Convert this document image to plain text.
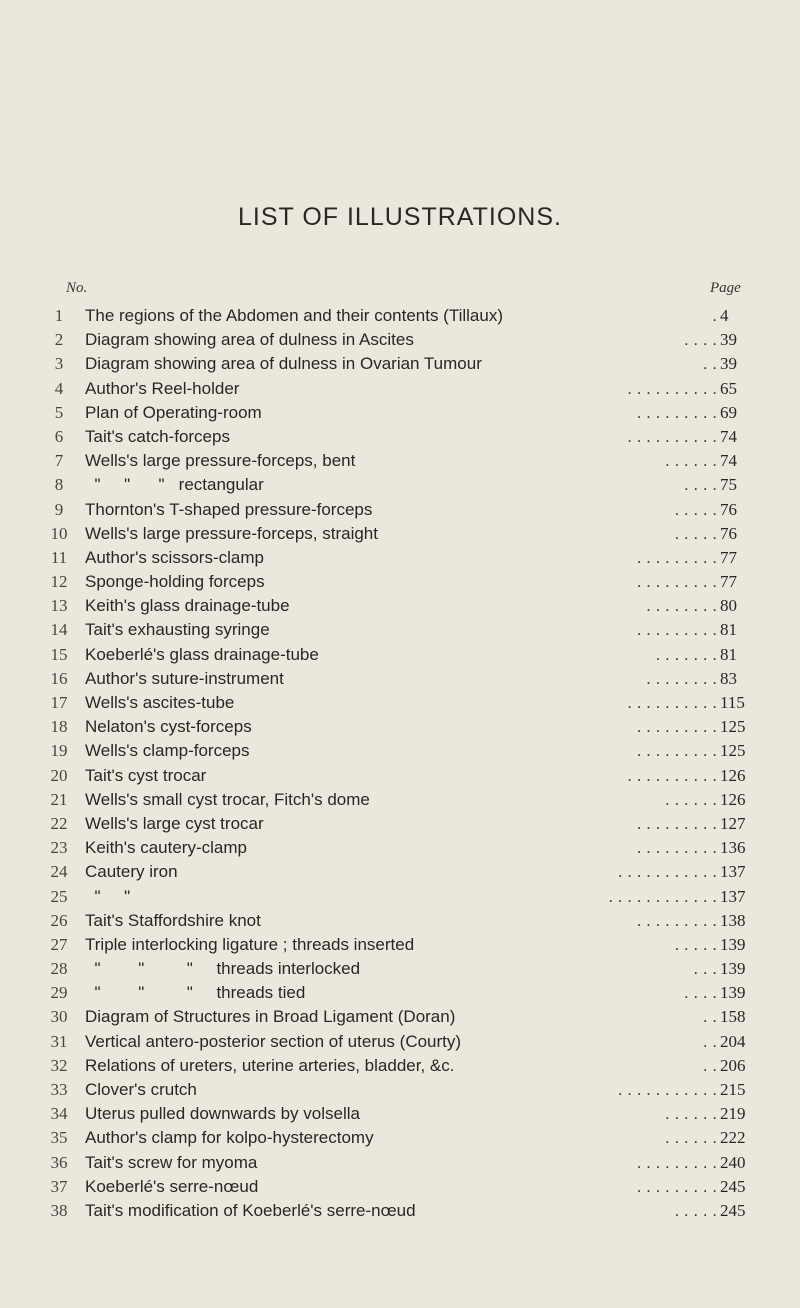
LIST OF ILLUSTRATIONS.
No.	Page
1	The regions of the Abdomen and their contents (Tillaux)	. 4
2	Diagram showing area of dulness in Ascites	. . . . 39
3	Diagram showing area of dulness in Ovarian Tumour	. . 39
4	Author's Reel-holder	. . . . . . . . . . 65
5	Plan of Operating-room	. . . . . . . . . 69
6	Tait's catch-forceps	. . . . . . . . . . 74
7	Wells's large pressure-forceps, bent	. . . . . . 74
8	"     "      "   rectangular	. . . . 75
9	Thornton's T-shaped pressure-forceps	. . . . . 76
10	Wells's large pressure-forceps, straight	. . . . . 76
11	Author's scissors-clamp	. . . . . . . . . 77
12	Sponge-holding forceps	. . . . . . . . . 77
13	Keith's glass drainage-tube	. . . . . . . . 80
14	Tait's exhausting syringe	. . . . . . . . . 81
15	Koeberlé's glass drainage-tube	. . . . . . . 81
16	Author's suture-instrument	. . . . . . . . 83
17	Wells's ascites-tube	. . . . . . . . . . 115
18	Nelaton's cyst-forceps	. . . . . . . . . 125
19	Wells's clamp-forceps	. . . . . . . . . 125
20	Tait's cyst trocar	. . . . . . . . . . 126
21	Wells's small cyst trocar, Fitch's dome	. . . . . . 126
22	Wells's large cyst trocar	. . . . . . . . . 127
23	Keith's cautery-clamp	. . . . . . . . . 136
24	Cautery iron	. . . . . . . . . . . 137
25	"     "	. . . . . . . . . . . . 137
26	Tait's Staffordshire knot	. . . . . . . . . 138
27	Triple interlocking ligature ; threads inserted	. . . . . 139
28	"        "         "     threads interlocked	. . . 139
29	"        "         "     threads tied	. . . . 139
30	Diagram of Structures in Broad Ligament (Doran)	. . 158
31	Vertical antero-posterior section of uterus (Courty)	. . 204
32	Relations of ureters, uterine arteries, bladder, &c.	. . 206
33	Clover's crutch	. . . . . . . . . . . 215
34	Uterus pulled downwards by volsella	. . . . . . 219
35	Author's clamp for kolpo-hysterectomy	. . . . . . 222
36	Tait's screw for myoma	. . . . . . . . . 240
37	Koeberlé's serre-nœud	. . . . . . . . . 245
38	Tait's modification of Koeberlé's serre-nœud	. . . . . 245
